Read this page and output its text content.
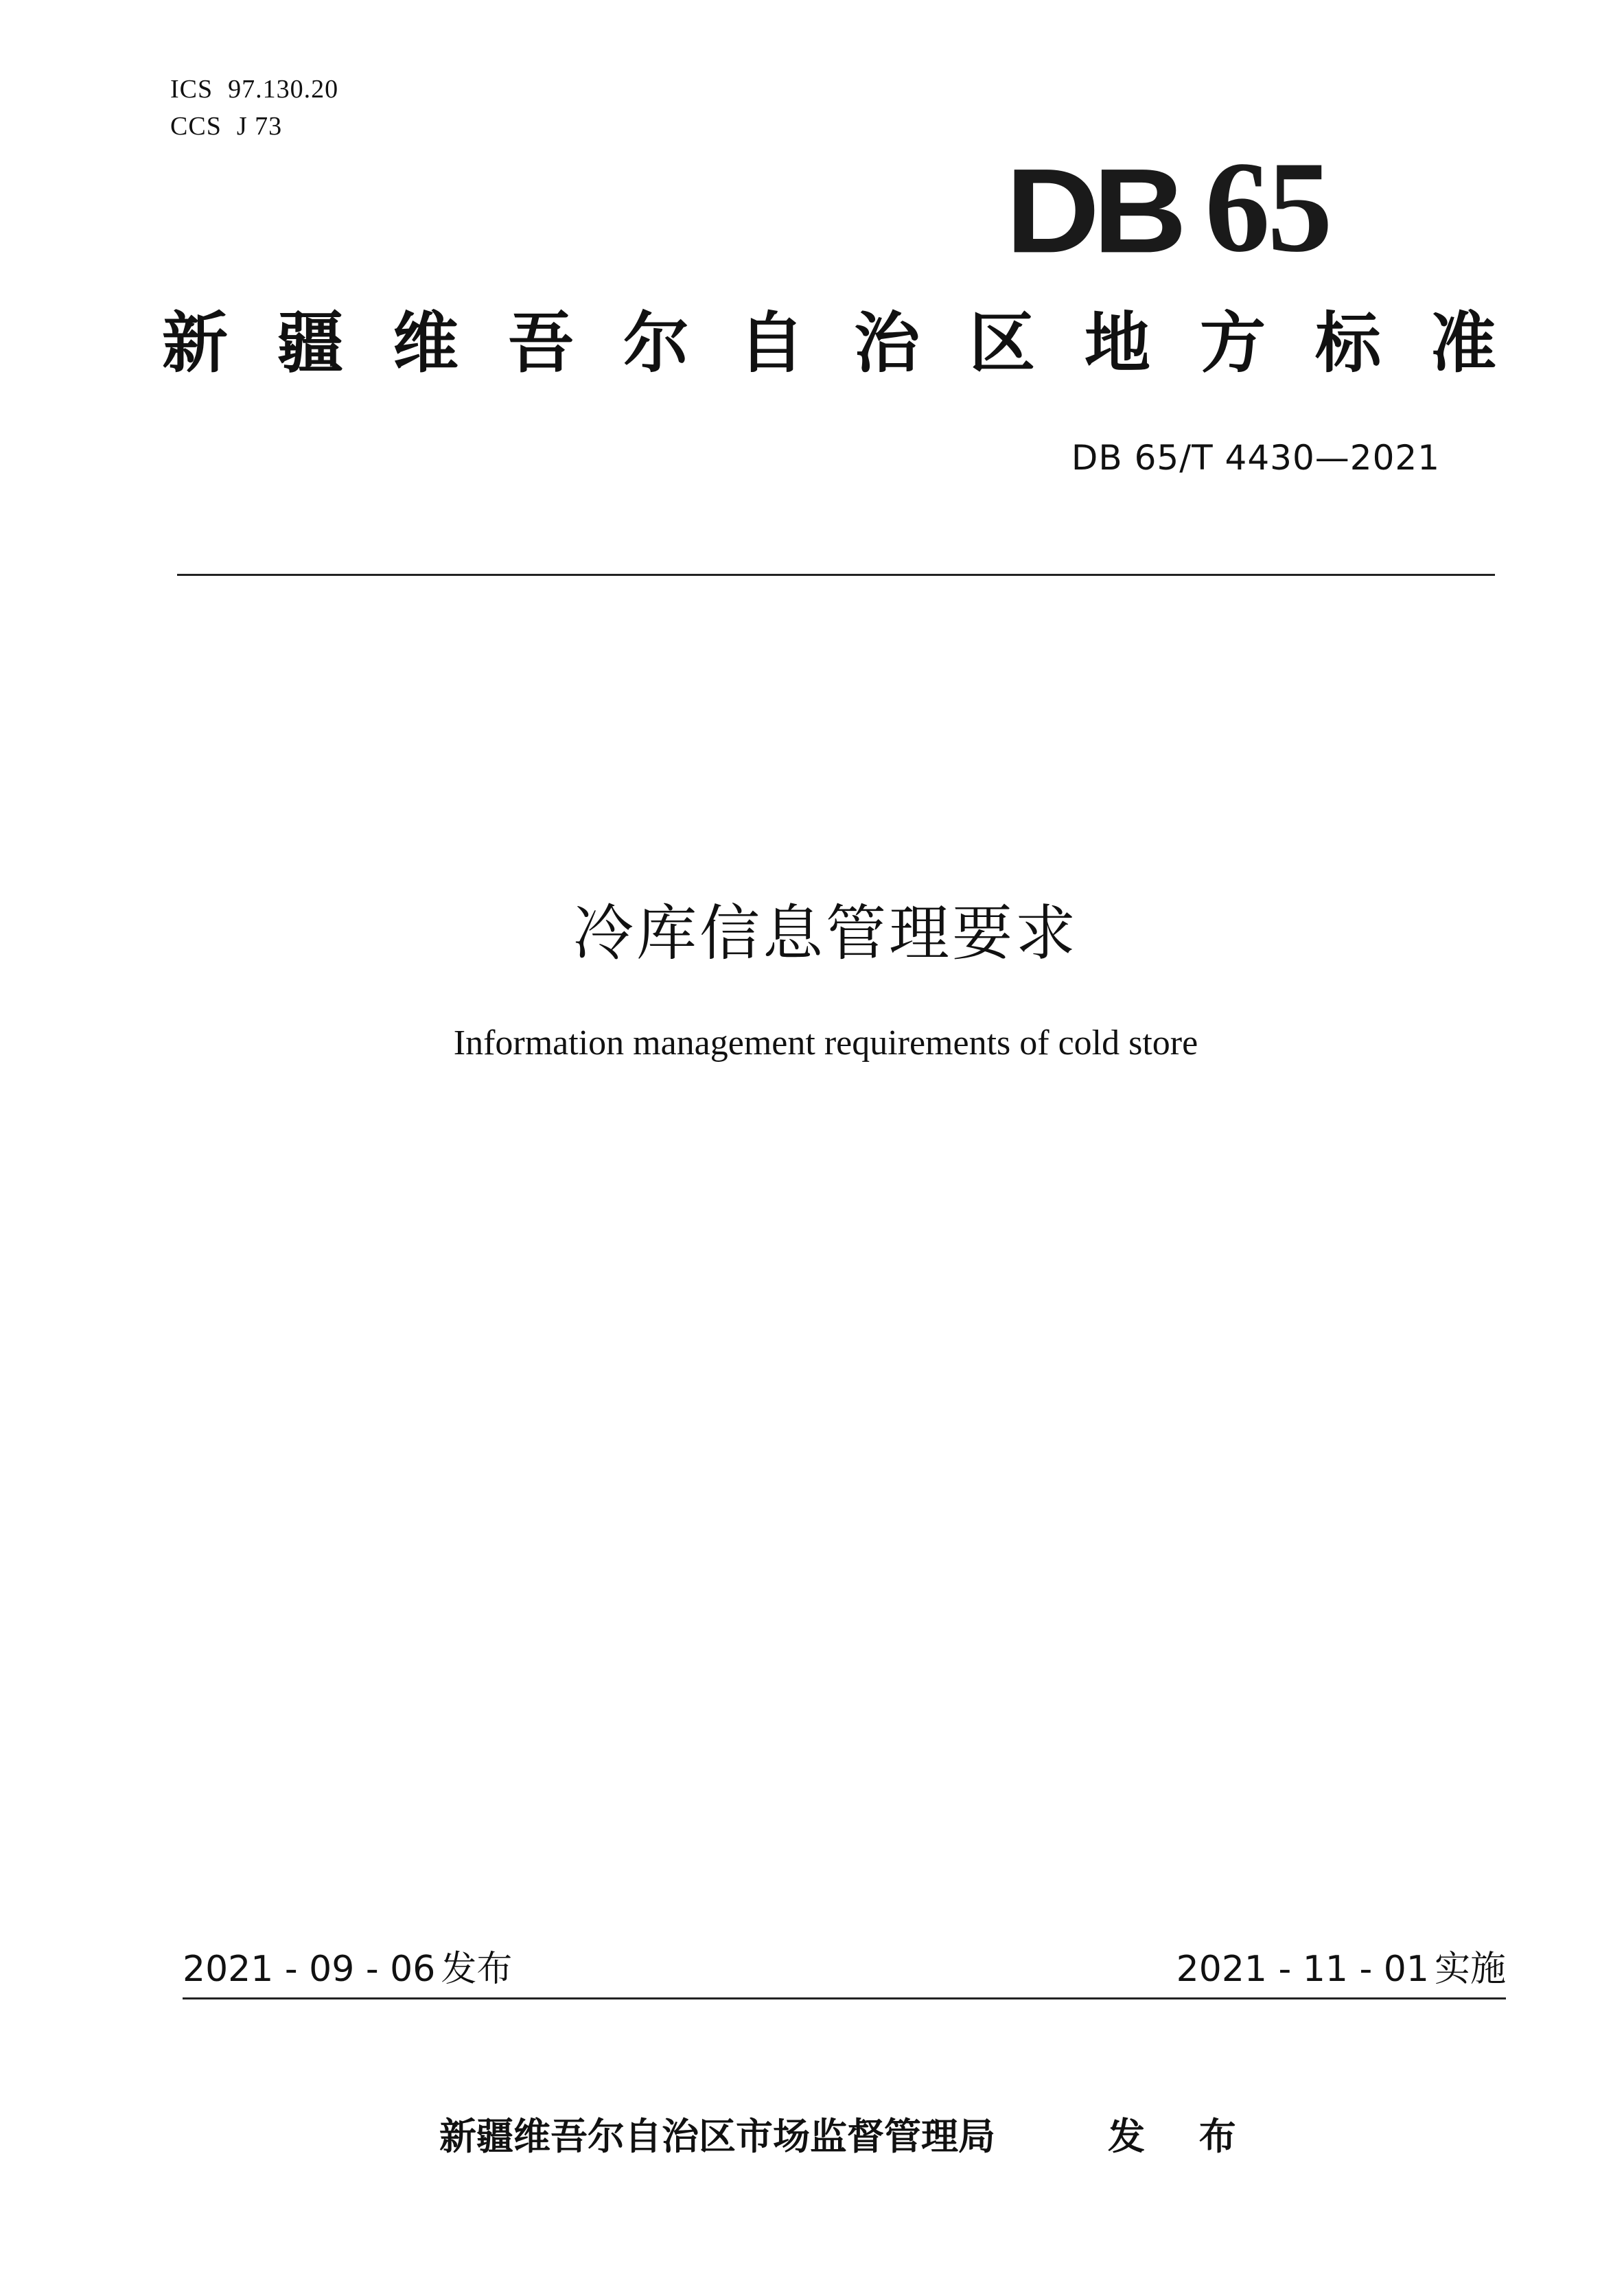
ICS 97.130.20
CCS J 73
DB 65
新疆维吾尔自治区地方标准
DB 65/T 4430—2021
冷库信息管理要求
Information management requirements of cold store
2021 - 09 - 06 发布	2021 - 11 - 01 实施
新疆维吾尔自治区市场监督管理局	发 布
